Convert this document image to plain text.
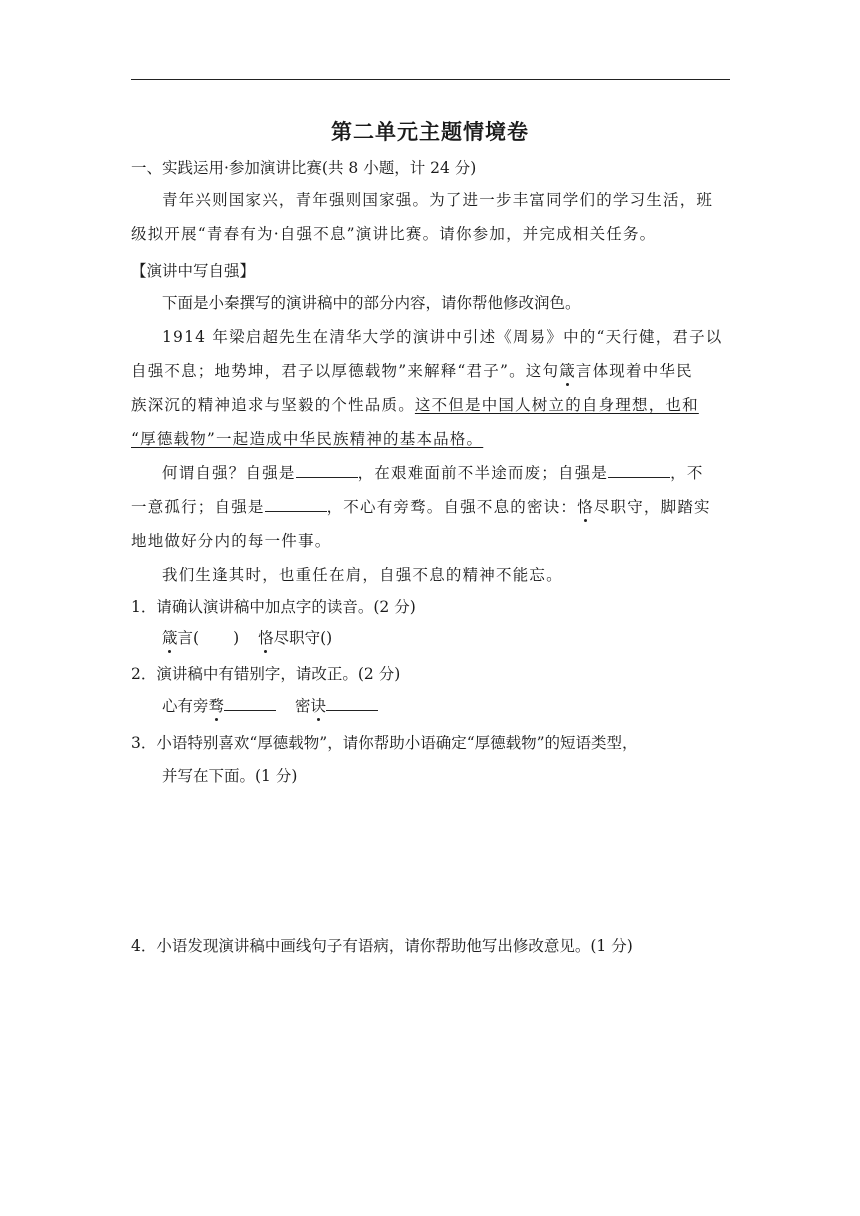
第二单元主题情境卷
一、实践运用·参加演讲比赛(共 8 小题，计 24 分)
青年兴则国家兴，青年强则国家强。为了进一步丰富同学们的学习生活，班
级拟开展“青春有为·自强不息”演讲比赛。请你参加，并完成相关任务。
【演讲中写自强】
下面是小秦撰写的演讲稿中的部分内容，请你帮他修改润色。
1914 年梁启超先生在清华大学的演讲中引述《周易》中的“天行健，君子以
自强不息；地势坤，君子以厚德载物”来解释“君子”。这句箴言体现着中华民
族深沉的精神追求与坚毅的个性品质。这不但是中国人树立的自身理想，也和
“厚德载物”一起造成中华民族精神的基本品格。
何谓自强？自强是	，在艰难面前不半途而废；自强是	，不
一意孤行；自强是	，不心有旁骛。自强不息的密诀：恪尽职守，脚踏实
地地做好分内的每一件事。
我们生逢其时，也重任在肩，自强不息的精神不能忘。
1．请确认演讲稿中加点字的读音。(2 分)
箴言( ) 恪尽职守()
2．演讲稿中有错别字，请改正。(2 分)
心有旁骛	密诀
3．小语特别喜欢“厚德载物”，请你帮助小语确定“厚德载物”的短语类型，
并写在下面。(1 分)
4．小语发现演讲稿中画线句子有语病，请你帮助他写出修改意见。(1 分)
